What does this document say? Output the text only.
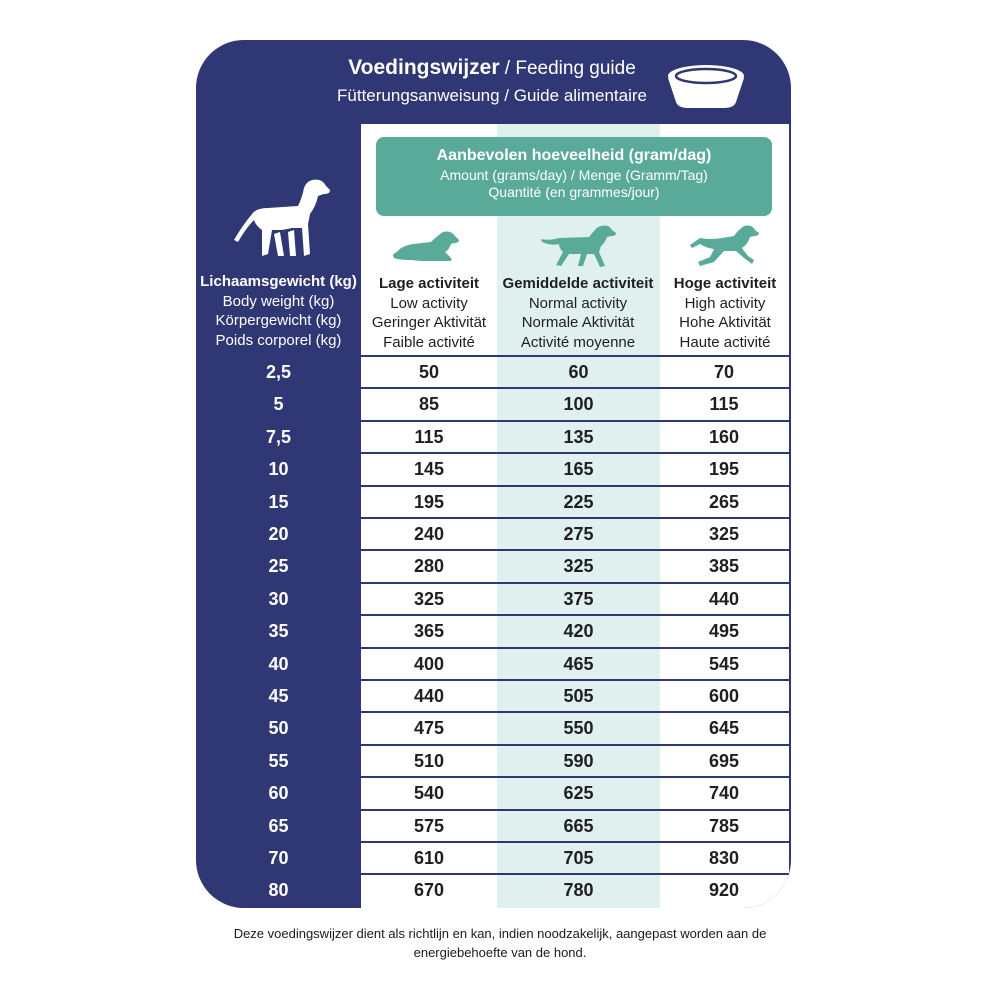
Voedingswijzer / Feeding guide
Fütterungsanweisung / Guide alimentaire
Lichaamsgewicht (kg)
Body weight (kg)
Körpergewicht (kg)
Poids corporel (kg)
Aanbevolen hoeveelheid (gram/dag)
Amount (grams/day) / Menge (Gramm/Tag)
Quantité (en grammes/jour)
Lage activiteit
Low activity
Geringer Aktivität
Faible activité
Gemiddelde activiteit
Normal activity
Normale Aktivität
Activité moyenne
Hoge activiteit
High activity
Hohe Aktivität
Haute activité
2,5	50	60	70
5	85	100	115
7,5	115	135	160
10	145	165	195
15	195	225	265
20	240	275	325
25	280	325	385
30	325	375	440
35	365	420	495
40	400	465	545
45	440	505	600
50	475	550	645
55	510	590	695
60	540	625	740
65	575	665	785
70	610	705	830
80	670	780	920
Deze voedingswijzer dient als richtlijn en kan, indien noodzakelijk, aangepast worden aan de
energiebehoefte van de hond.
